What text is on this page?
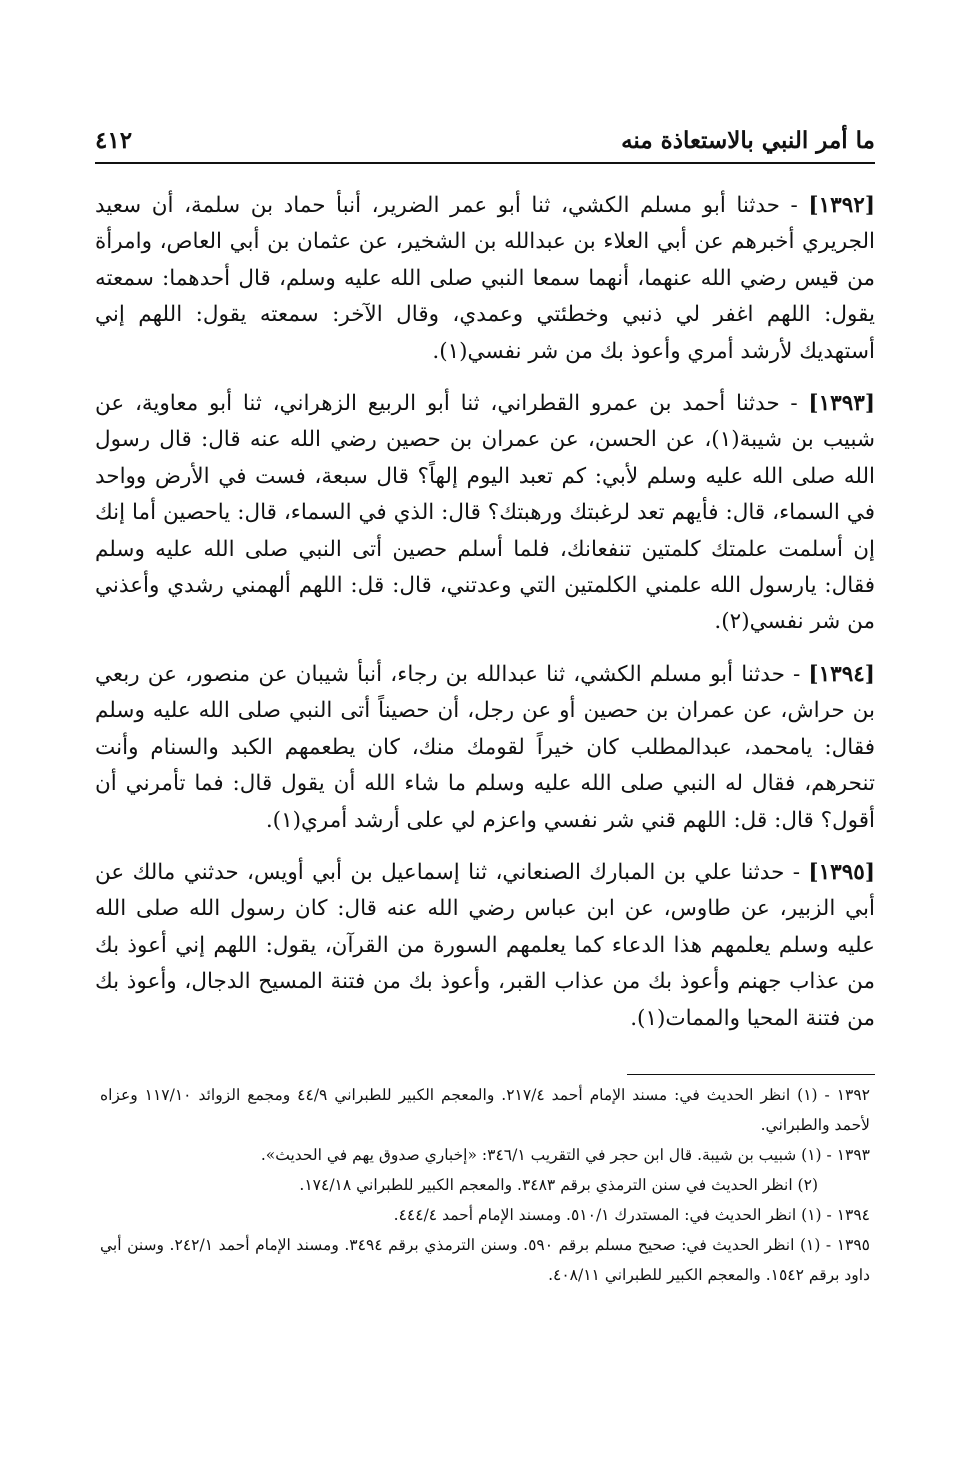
ما أمر النبي بالاستعاذة منه
٤١٢

[١٣٩٢] - حدثنا أبو مسلم الكشي، ثنا أبو عمر الضرير، أنبأ حماد بن سلمة، أن سعيد الجريري أخبرهم عن أبي العلاء بن عبدالله بن الشخير، عن عثمان بن أبي العاص، وامرأة من قيس رضي الله عنهما، أنهما سمعا النبي صلى الله عليه وسلم، قال أحدهما: سمعته يقول: اللهم اغفر لي ذنبي وخطئتي وعمدي، وقال الآخر: سمعته يقول: اللهم إني أستهديك لأرشد أمري وأعوذ بك من شر نفسي(١).

[١٣٩٣] - حدثنا أحمد بن عمرو القطراني، ثنا أبو الربيع الزهراني، ثنا أبو معاوية، عن شبيب بن شيبة(١)، عن الحسن، عن عمران بن حصين رضي الله عنه قال: قال رسول الله صلى الله عليه وسلم لأبي: كم تعبد اليوم إلهاً؟ قال سبعة، فست في الأرض وواحد في السماء، قال: فأيهم تعد لرغبتك ورهبتك؟ قال: الذي في السماء، قال: ياحصين أما إنك إن أسلمت علمتك كلمتين تنفعانك، فلما أسلم حصين أتى النبي صلى الله عليه وسلم فقال: يارسول الله علمني الكلمتين التي وعدتني، قال: قل: اللهم ألهمني رشدي وأعذني من شر نفسي(٢).

[١٣٩٤] - حدثنا أبو مسلم الكشي، ثنا عبدالله بن رجاء، أنبأ شيبان عن منصور، عن ربعي بن حراش، عن عمران بن حصين أو عن رجل، أن حصيناً أتى النبي صلى الله عليه وسلم فقال: يامحمد، عبدالمطلب كان خيراً لقومك منك، كان يطعمهم الكبد والسنام وأنت تنحرهم، فقال له النبي صلى الله عليه وسلم ما شاء الله أن يقول قال: فما تأمرني أن أقول؟ قال: قل: اللهم قني شر نفسي واعزم لي على أرشد أمري(١).

[١٣٩٥] - حدثنا علي بن المبارك الصنعاني، ثنا إسماعيل بن أبي أويس، حدثني مالك عن أبي الزبير، عن طاوس، عن ابن عباس رضي الله عنه قال: كان رسول الله صلى الله عليه وسلم يعلمهم هذا الدعاء كما يعلمهم السورة من القرآن، يقول: اللهم إني أعوذ بك من عذاب جهنم وأعوذ بك من عذاب القبر، وأعوذ بك من فتنة المسيح الدجال، وأعوذ بك من فتنة المحيا والممات(١).

١٣٩٢ - (١) انظر الحديث في: مسند الإمام أحمد ٢١٧/٤. والمعجم الكبير للطبراني ٤٤/٩ ومجمع الزوائد ١١٧/١٠ وعزاه لأحمد والطبراني.

١٣٩٣ - (١) شبيب بن شيبة. قال ابن حجر في التقريب ٣٤٦/١: «إخباري صدوق يهم في الحديث».

(٢) انظر الحديث في سنن الترمذي برقم ٣٤٨٣. والمعجم الكبير للطبراني ١٧٤/١٨.

١٣٩٤ - (١) انظر الحديث في: المستدرك ٥١٠/١. ومسند الإمام أحمد ٤٤٤/٤.

١٣٩٥ - (١) انظر الحديث في: صحيح مسلم برقم ٥٩٠. وسنن الترمذي برقم ٣٤٩٤. ومسند الإمام أحمد ٢٤٢/١. وسنن أبي داود برقم ١٥٤٢. والمعجم الكبير للطبراني ٤٠٨/١١.
